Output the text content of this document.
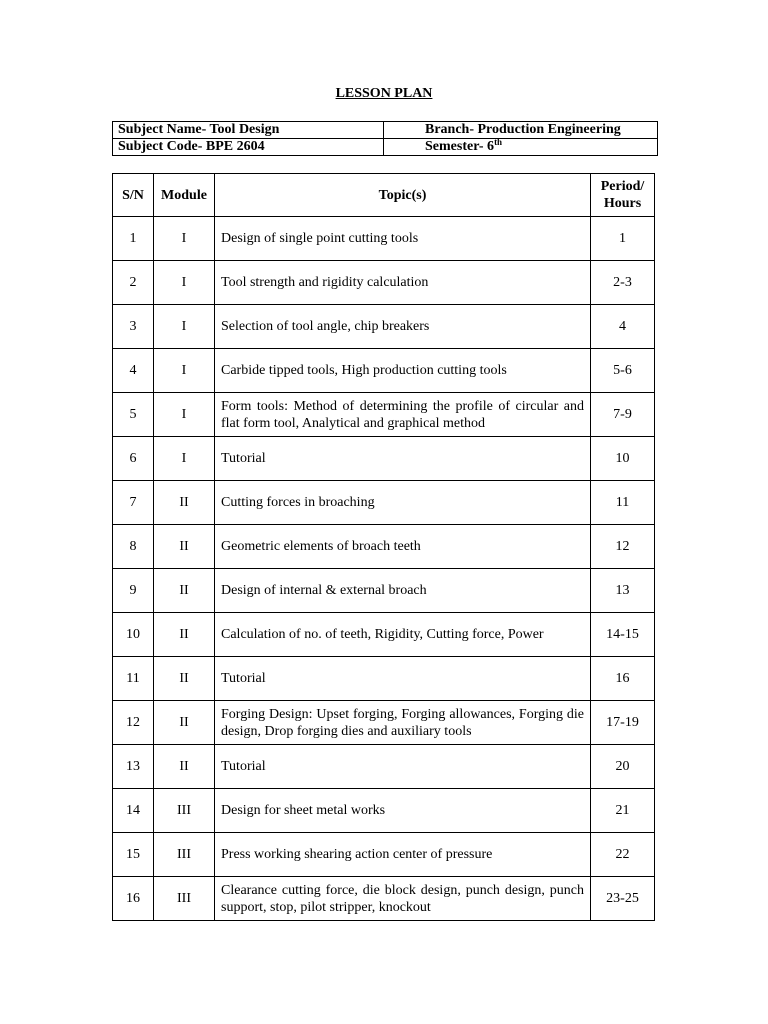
LESSON PLAN
Subject Name- Tool Design	Branch- Production Engineering
Subject Code- BPE 2604	Semester- 6th
S/N	Module	Topic(s)	Period/
Hours
1	I	Design of single point cutting tools	1
2	I	Tool strength and rigidity calculation	2-3
3	I	Selection of tool angle, chip breakers	4
4	I	Carbide tipped tools, High production cutting tools	5-6
5	I	Form tools: Method of determining the profile of circular and flat form tool, Analytical and graphical method	7-9
6	I	Tutorial	10
7	II	Cutting forces in broaching	11
8	II	Geometric elements of broach teeth	12
9	II	Design of internal & external broach	13
10	II	Calculation of no. of teeth, Rigidity, Cutting force, Power	14-15
11	II	Tutorial	16
12	II	Forging Design: Upset forging, Forging allowances, Forging die design, Drop forging dies and auxiliary tools	17-19
13	II	Tutorial	20
14	III	Design for sheet metal works	21
15	III	Press working shearing action center of pressure	22
16	III	Clearance cutting force, die block design, punch design, punch support, stop, pilot stripper, knockout	23-25
